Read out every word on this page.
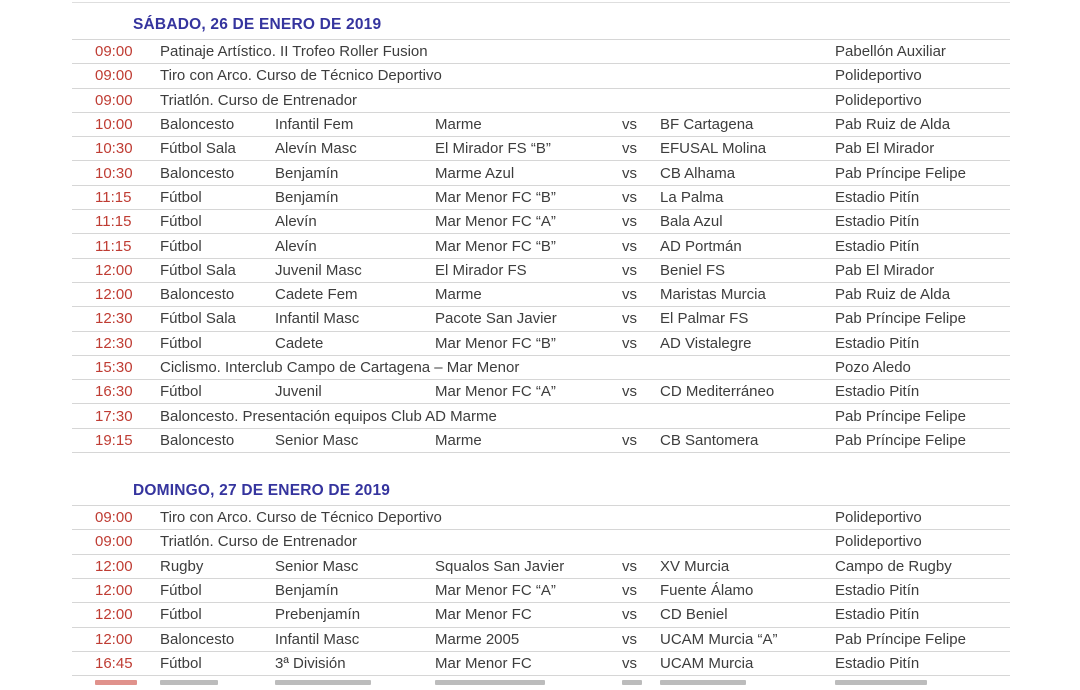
SÁBADO, 26 DE ENERO DE 2019
09:00	Patinaje Artístico. II Trofeo Roller Fusion	Pabellón Auxiliar
09:00	Tiro con Arco. Curso de Técnico Deportivo	Polideportivo
09:00	Triatlón. Curso de Entrenador	Polideportivo
10:00	Baloncesto	Infantil Fem	Marme	vs	BF Cartagena	Pab Ruiz de Alda
10:30	Fútbol Sala	Alevín Masc	El Mirador FS “B”	vs	EFUSAL Molina	Pab El Mirador
10:30	Baloncesto	Benjamín	Marme Azul	vs	CB Alhama	Pab Príncipe Felipe
11:15	Fútbol	Benjamín	Mar Menor FC “B”	vs	La Palma	Estadio Pitín
11:15	Fútbol	Alevín	Mar Menor FC “A”	vs	Bala Azul	Estadio Pitín
11:15	Fútbol	Alevín	Mar Menor FC “B”	vs	AD Portmán	Estadio Pitín
12:00	Fútbol Sala	Juvenil Masc	El Mirador FS	vs	Beniel FS	Pab El Mirador
12:00	Baloncesto	Cadete Fem	Marme	vs	Maristas Murcia	Pab Ruiz de Alda
12:30	Fútbol Sala	Infantil Masc	Pacote San Javier	vs	El Palmar FS	Pab Príncipe Felipe
12:30	Fútbol	Cadete	Mar Menor FC “B”	vs	AD Vistalegre	Estadio Pitín
15:30	Ciclismo. Interclub Campo de Cartagena – Mar Menor	Pozo Aledo
16:30	Fútbol	Juvenil	Mar Menor FC “A”	vs	CD Mediterráneo	Estadio Pitín
17:30	Baloncesto. Presentación equipos Club AD Marme	Pab Príncipe Felipe
19:15	Baloncesto	Senior Masc	Marme	vs	CB Santomera	Pab Príncipe Felipe
DOMINGO, 27 DE ENERO DE 2019
09:00	Tiro con Arco. Curso de Técnico Deportivo	Polideportivo
09:00	Triatlón. Curso de Entrenador	Polideportivo
12:00	Rugby	Senior Masc	Squalos San Javier	vs	XV Murcia	Campo de Rugby
12:00	Fútbol	Benjamín	Mar Menor FC “A”	vs	Fuente Álamo	Estadio Pitín
12:00	Fútbol	Prebenjamín	Mar Menor FC	vs	CD Beniel	Estadio Pitín
12:00	Baloncesto	Infantil Masc	Marme 2005	vs	UCAM Murcia “A”	Pab Príncipe Felipe
16:45	Fútbol	3ª División	Mar Menor FC	vs	UCAM Murcia	Estadio Pitín
